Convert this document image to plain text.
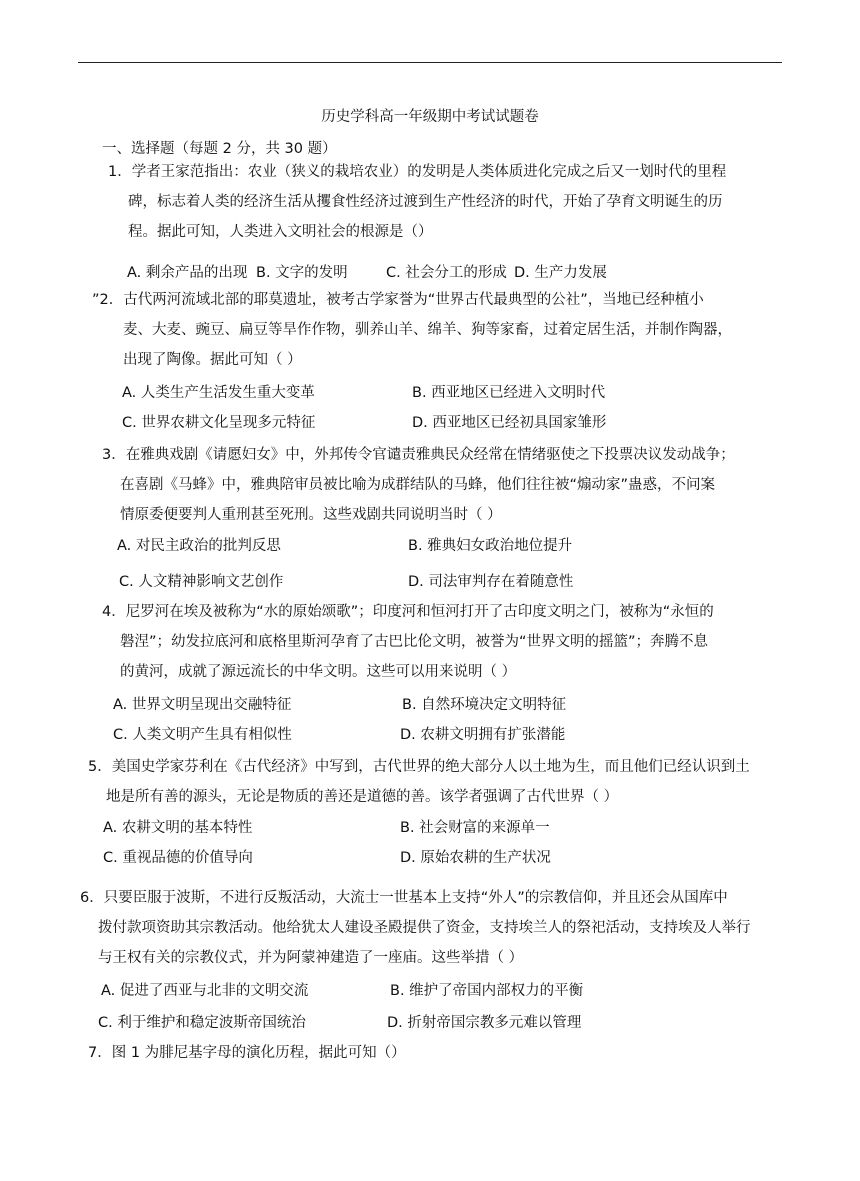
历史学科高一年级期中考试试题卷
一、选择题（每题 2 分，共 30 题）
1．学者王家范指出：农业（狭义的栽培农业）的发明是人类体质进化完成之后又一划时代的里程
碑，标志着人类的经济生活从攫食性经济过渡到生产性经济的时代，开始了孕育文明诞生的历
程。据此可知，人类进入文明社会的根源是（）
A. 剩余产品的出现 B. 文字的发明	C. 社会分工的形成 D. 生产力发展
”2．古代两河流域北部的耶莫遗址，被考古学家誉为“世界古代最典型的公社”，当地已经种植小
麦、大麦、豌豆、扁豆等旱作作物，驯养山羊、绵羊、狗等家畜，过着定居生活，并制作陶器，
出现了陶像。据此可知（ ）
A. 人类生产生活发生重大变革	B. 西亚地区已经进入文明时代
C. 世界农耕文化呈现多元特征	D. 西亚地区已经初具国家雏形
3．在雅典戏剧《请愿妇女》中，外邦传令官谴责雅典民众经常在情绪驱使之下投票决议发动战争；
在喜剧《马蜂》中，雅典陪审员被比喻为成群结队的马蜂，他们往往被“煽动家”蛊惑，不问案
情原委便要判人重刑甚至死刑。这些戏剧共同说明当时（ ）
A. 对民主政治的批判反思	B. 雅典妇女政治地位提升
C. 人文精神影响文艺创作	D. 司法审判存在着随意性
4．尼罗河在埃及被称为“水的原始颂歌”；印度河和恒河打开了古印度文明之门，被称为“永恒的
磐涅”；幼发拉底河和底格里斯河孕育了古巴比伦文明，被誉为“世界文明的摇篮”；奔腾不息
的黄河，成就了源远流长的中华文明。这些可以用来说明（ ）
A. 世界文明呈现出交融特征	B. 自然环境决定文明特征
C. 人类文明产生具有相似性	D. 农耕文明拥有扩张潜能
5．美国史学家芬利在《古代经济》中写到，古代世界的绝大部分人以土地为生，而且他们已经认识到土
地是所有善的源头，无论是物质的善还是道德的善。该学者强调了古代世界（ ）
A. 农耕文明的基本特性	B. 社会财富的来源单一
C. 重视品德的价值导向	D. 原始农耕的生产状况
6．只要臣服于波斯，不进行反叛活动，大流士一世基本上支持“外人”的宗教信仰，并且还会从国库中
拨付款项资助其宗教活动。他给犹太人建设圣殿提供了资金，支持埃兰人的祭祀活动，支持埃及人举行
与王权有关的宗教仪式，并为阿蒙神建造了一座庙。这些举措（ ）
A. 促进了西亚与北非的文明交流	B. 维护了帝国内部权力的平衡
C. 利于维护和稳定波斯帝国统治	D. 折射帝国宗教多元难以管理
7．图 1 为腓尼基字母的演化历程，据此可知（）
